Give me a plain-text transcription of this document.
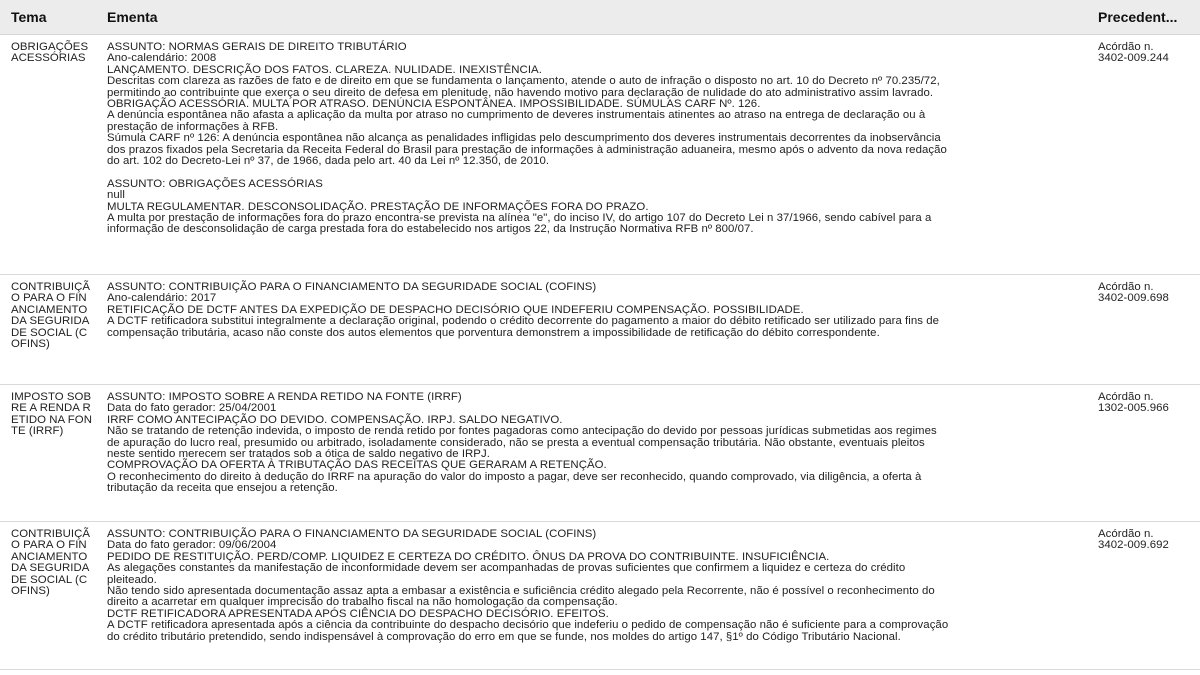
Tema	Ementa	Precedent...
OBRIGAÇÕES ACESSÓRIAS
ASSUNTO: NORMAS GERAIS DE DIREITO TRIBUTÁRIO
Ano-calendário: 2008
LANÇAMENTO. DESCRIÇÃO DOS FATOS. CLAREZA. NULIDADE. INEXISTÊNCIA.
Descritas com clareza as razões de fato e de direito em que se fundamenta o lançamento, atende o auto de infração o disposto no art. 10 do Decreto nº 70.235/72,
permitindo ao contribuinte que exerça o seu direito de defesa em plenitude, não havendo motivo para declaração de nulidade do ato administrativo assim lavrado.
OBRIGAÇÃO ACESSÓRIA. MULTA POR ATRASO. DENÚNCIA ESPONTÂNEA. IMPOSSIBILIDADE. SÚMULAS CARF Nº. 126.
A denúncia espontânea não afasta a aplicação da multa por atraso no cumprimento de deveres instrumentais atinentes ao atraso na entrega de declaração ou à
prestação de informações à RFB.
Súmula CARF nº 126: A denúncia espontânea não alcança as penalidades infligidas pelo descumprimento dos deveres instrumentais decorrentes da inobservância
dos prazos fixados pela Secretaria da Receita Federal do Brasil para prestação de informações à administração aduaneira, mesmo após o advento da nova redação
do art. 102 do Decreto-Lei nº 37, de 1966, dada pelo art. 40 da Lei nº 12.350, de 2010.
ASSUNTO: OBRIGAÇÕES ACESSÓRIAS
null
MULTA REGULAMENTAR. DESCONSOLIDAÇÃO. PRESTAÇÃO DE INFORMAÇÕES FORA DO PRAZO.
A multa por prestação de informações fora do prazo encontra-se prevista na alínea "e", do inciso IV, do artigo 107 do Decreto Lei n 37/1966, sendo cabível para a
informação de desconsolidação de carga prestada fora do estabelecido nos artigos 22, da Instrução Normativa RFB nº 800/07.
Acórdão n.
3402-009.244
CONTRIBUIÇÃO PARA O FINANCIAMENTO DA SEGURIDADE SOCIAL (COFINS)
ASSUNTO: CONTRIBUIÇÃO PARA O FINANCIAMENTO DA SEGURIDADE SOCIAL (COFINS)
Ano-calendário: 2017
RETIFICAÇÃO DE DCTF ANTES DA EXPEDIÇÃO DE DESPACHO DECISÓRIO QUE INDEFERIU COMPENSAÇÃO. POSSIBILIDADE.
A DCTF retificadora substitui integralmente a declaração original, podendo o crédito decorrente do pagamento a maior do débito retificado ser utilizado para fins de
compensação tributária, acaso não conste dos autos elementos que porventura demonstrem a impossibilidade de retificação do débito correspondente.
Acórdão n.
3402-009.698
IMPOSTO SOBRE A RENDA RETIDO NA FONTE (IRRF)
ASSUNTO: IMPOSTO SOBRE A RENDA RETIDO NA FONTE (IRRF)
Data do fato gerador: 25/04/2001
IRRF COMO ANTECIPAÇÃO DO DEVIDO. COMPENSAÇÃO. IRPJ. SALDO NEGATIVO.
Não se tratando de retenção indevida, o imposto de renda retido por fontes pagadoras como antecipação do devido por pessoas jurídicas submetidas aos regimes
de apuração do lucro real, presumido ou arbitrado, isoladamente considerado, não se presta a eventual compensação tributária. Não obstante, eventuais pleitos
neste sentido merecem ser tratados sob a ótica de saldo negativo de IRPJ.
COMPROVAÇÃO DA OFERTA À TRIBUTAÇÃO DAS RECEITAS QUE GERARAM A RETENÇÃO.
O reconhecimento do direito à dedução do IRRF na apuração do valor do imposto a pagar, deve ser reconhecido, quando comprovado, via diligência, a oferta à
tributação da receita que ensejou a retenção.
Acórdão n.
1302-005.966
CONTRIBUIÇÃO PARA O FINANCIAMENTO DA SEGURIDADE SOCIAL (COFINS)
ASSUNTO: CONTRIBUIÇÃO PARA O FINANCIAMENTO DA SEGURIDADE SOCIAL (COFINS)
Data do fato gerador: 09/06/2004
PEDIDO DE RESTITUIÇÃO. PERD/COMP. LIQUIDEZ E CERTEZA DO CRÉDITO. ÔNUS DA PROVA DO CONTRIBUINTE. INSUFICIÊNCIA.
As alegações constantes da manifestação de inconformidade devem ser acompanhadas de provas suficientes que confirmem a liquidez e certeza do crédito
pleiteado.
Não tendo sido apresentada documentação assaz apta a embasar a existência e suficiência crédito alegado pela Recorrente, não é possível o reconhecimento do
direito a acarretar em qualquer imprecisão do trabalho fiscal na não homologação da compensação.
DCTF RETIFICADORA APRESENTADA APÓS CIÊNCIA DO DESPACHO DECISÓRIO. EFEITOS.
A DCTF retificadora apresentada após a ciência da contribuinte do despacho decisório que indeferiu o pedido de compensação não é suficiente para a comprovação
do crédito tributário pretendido, sendo indispensável à comprovação do erro em que se funde, nos moldes do artigo 147, §1º do Código Tributário Nacional.
Acórdão n.
3402-009.692
